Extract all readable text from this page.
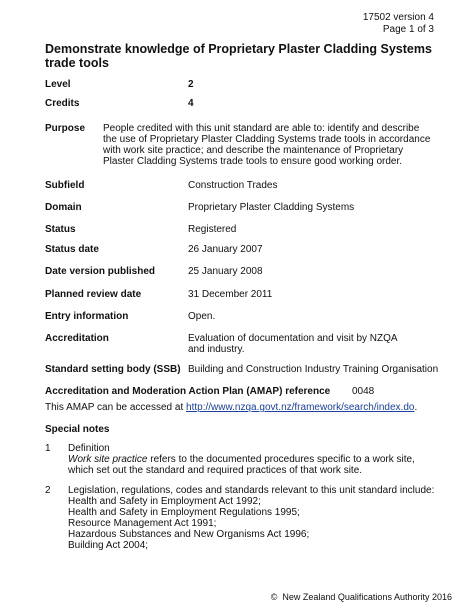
17502 version 4
Page 1 of 3
Demonstrate knowledge of Proprietary Plaster Cladding Systems trade tools
Level	2
Credits	4
Purpose People credited with this unit standard are able to: identify and describe the use of Proprietary Plaster Cladding Systems trade tools in accordance with work site practice; and describe the maintenance of Proprietary Plaster Cladding Systems trade tools to ensure good working order.
Subfield	Construction Trades
Domain	Proprietary Plaster Cladding Systems
Status	Registered
Status date	26 January 2007
Date version published	25 January 2008
Planned review date	31 December 2011
Entry information	Open.
Accreditation	Evaluation of documentation and visit by NZQA and industry.
Standard setting body (SSB) Building and Construction Industry Training Organisation
Accreditation and Moderation Action Plan (AMAP) reference 0048
This AMAP can be accessed at http://www.nzqa.govt.nz/framework/search/index.do.
Special notes
1 Definition
Work site practice refers to the documented procedures specific to a work site, which set out the standard and required practices of that work site.
2 Legislation, regulations, codes and standards relevant to this unit standard include:
Health and Safety in Employment Act 1992;
Health and Safety in Employment Regulations 1995;
Resource Management Act 1991;
Hazardous Substances and New Organisms Act 1996;
Building Act 2004;
© New Zealand Qualifications Authority 2016
